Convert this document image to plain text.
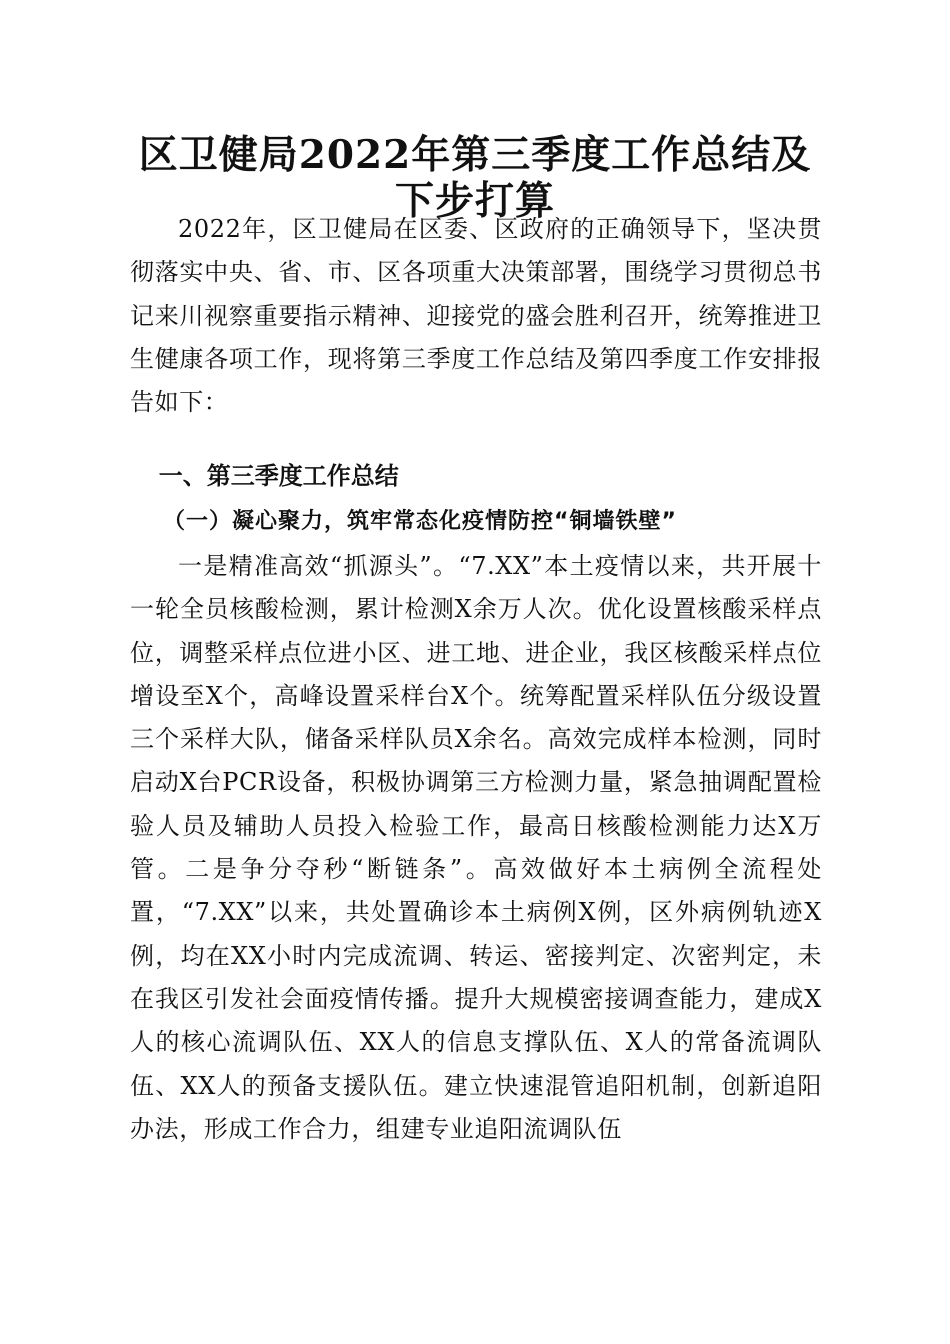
区卫健局2022年第三季度工作总结及下步打算

2022年，区卫健局在区委、区政府的正确领导下，坚决贯彻落实中央、省、市、区各项重大决策部署，围绕学习贯彻总书记来川视察重要指示精神、迎接党的盛会胜利召开，统筹推进卫生健康各项工作，现将第三季度工作总结及第四季度工作安排报告如下：

一、第三季度工作总结
（一）凝心聚力，筑牢常态化疫情防控“铜墙铁壁”

一是精准高效“抓源头”。“7.XX”本土疫情以来，共开展十一轮全员核酸检测，累计检测X余万人次。优化设置核酸采样点位，调整采样点位进小区、进工地、进企业，我区核酸采样点位增设至X个，高峰设置采样台X个。统筹配置采样队伍分级设置三个采样大队，储备采样队员X余名。高效完成样本检测，同时启动X台PCR设备，积极协调第三方检测力量，紧急抽调配置检验人员及辅助人员投入检验工作，最高日核酸检测能力达X万管。二是争分夺秒“断链条”。高效做好本土病例全流程处置，“7.XX”以来，共处置确诊本土病例X例，区外病例轨迹X例，均在XX小时内完成流调、转运、密接判定、次密判定，未在我区引发社会面疫情传播。提升大规模密接调查能力，建成X人的核心流调队伍、XX人的信息支撑队伍、X人的常备流调队伍、XX人的预备支援队伍。建立快速混管追阳机制，创新追阳办法，形成工作合力，组建专业追阳流调队伍
